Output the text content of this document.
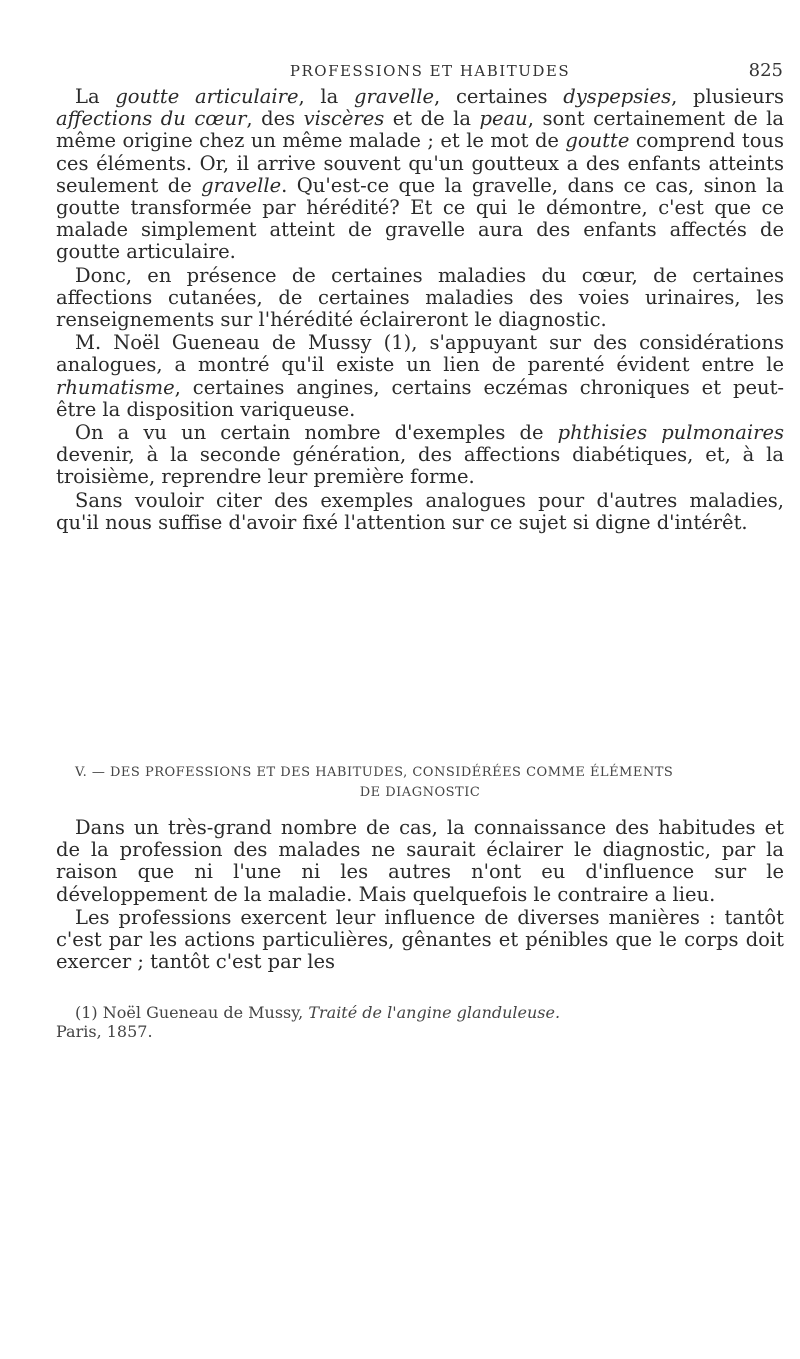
PROFESSIONS ET HABITUDES	825

La goutte articulaire, la gravelle, certaines dyspepsies, plusieurs affections du cœur, des viscères et de la peau, sont certainement de la même origine chez un même malade ; et le mot de goutte comprend tous ces éléments. Or, il arrive souvent qu'un goutteux a des enfants atteints seulement de gravelle. Qu'est-ce que la gravelle, dans ce cas, sinon la goutte transformée par hérédité? Et ce qui le démontre, c'est que ce malade simplement atteint de gravelle aura des enfants affectés de goutte articulaire.

Donc, en présence de certaines maladies du cœur, de certaines affections cutanées, de certaines maladies des voies urinaires, les renseignements sur l'hérédité éclaireront le diagnostic.

M. Noël Gueneau de Mussy (1), s'appuyant sur des considérations analogues, a montré qu'il existe un lien de parenté évident entre le rhumatisme, certaines angines, certains eczémas chroniques et peut-être la disposition variqueuse.

On a vu un certain nombre d'exemples de phthisies pulmonaires devenir, à la seconde génération, des affections diabétiques, et, à la troisième, reprendre leur première forme.

Sans vouloir citer des exemples analogues pour d'autres maladies, qu'il nous suffise d'avoir fixé l'attention sur ce sujet si digne d'intérêt.

V. — DES PROFESSIONS ET DES HABITUDES, CONSIDÉRÉES COMME ÉLÉMENTS
DE DIAGNOSTIC

Dans un très-grand nombre de cas, la connaissance des habitudes et de la profession des malades ne saurait éclairer le diagnostic, par la raison que ni l'une ni les autres n'ont eu d'influence sur le développement de la maladie. Mais quelquefois le contraire a lieu.

Les professions exercent leur influence de diverses manières : tantôt c'est par les actions particulières, gênantes et pénibles que le corps doit exercer ; tantôt c'est par les

(1) Noël Gueneau de Mussy, Traité de l'angine glanduleuse.
Paris, 1857.
